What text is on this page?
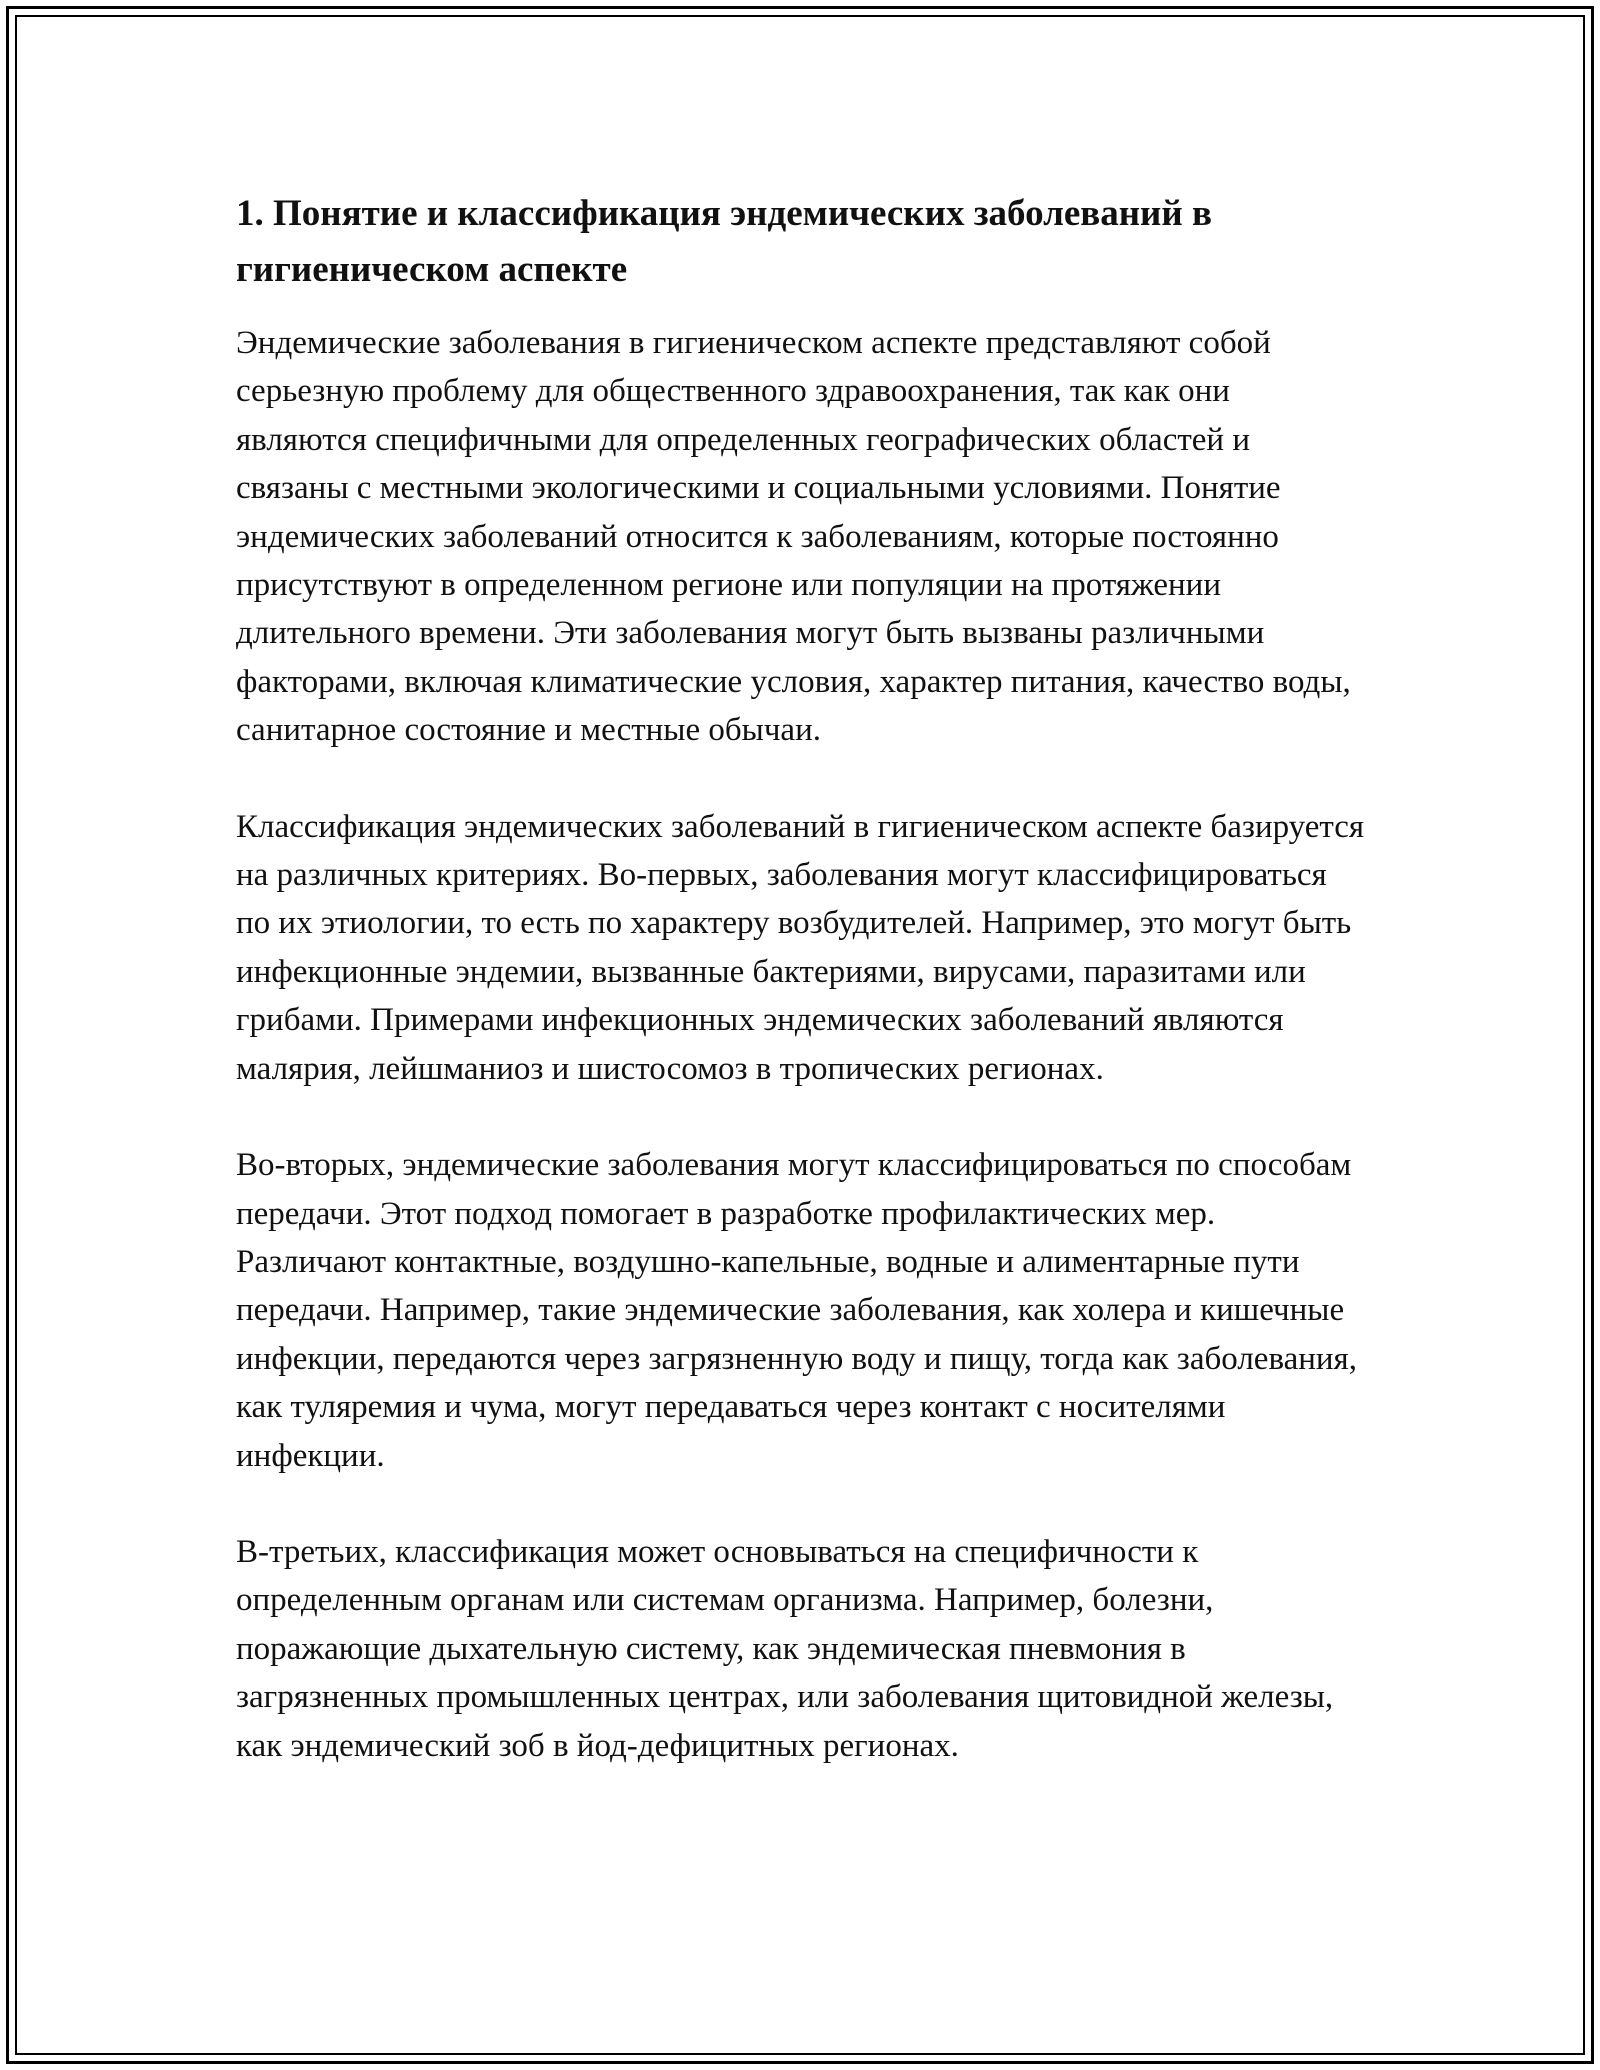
1. Понятие и классификация эндемических заболеваний в гигиеническом аспекте

Эндемические заболевания в гигиеническом аспекте представляют собой серьезную проблему для общественного здравоохранения, так как они являются специфичными для определенных географических областей и связаны с местными экологическими и социальными условиями. Понятие эндемических заболеваний относится к заболеваниям, которые постоянно присутствуют в определенном регионе или популяции на протяжении длительного времени. Эти заболевания могут быть вызваны различными факторами, включая климатические условия, характер питания, качество воды, санитарное состояние и местные обычаи.

Классификация эндемических заболеваний в гигиеническом аспекте базируется на различных критериях. Во-первых, заболевания могут классифицироваться по их этиологии, то есть по характеру возбудителей. Например, это могут быть инфекционные эндемии, вызванные бактериями, вирусами, паразитами или грибами. Примерами инфекционных эндемических заболеваний являются малярия, лейшманиоз и шистосомоз в тропических регионах.

Во-вторых, эндемические заболевания могут классифицироваться по способам передачи. Этот подход помогает в разработке профилактических мер. Различают контактные, воздушно-капельные, водные и алиментарные пути передачи. Например, такие эндемические заболевания, как холера и кишечные инфекции, передаются через загрязненную воду и пищу, тогда как заболевания, как туляремия и чума, могут передаваться через контакт с носителями инфекции.

В-третьих, классификация может основываться на специфичности к определенным органам или системам организма. Например, болезни, поражающие дыхательную систему, как эндемическая пневмония в загрязненных промышленных центрах, или заболевания щитовидной железы, как эндемический зоб в йод-дефицитных регионах.
